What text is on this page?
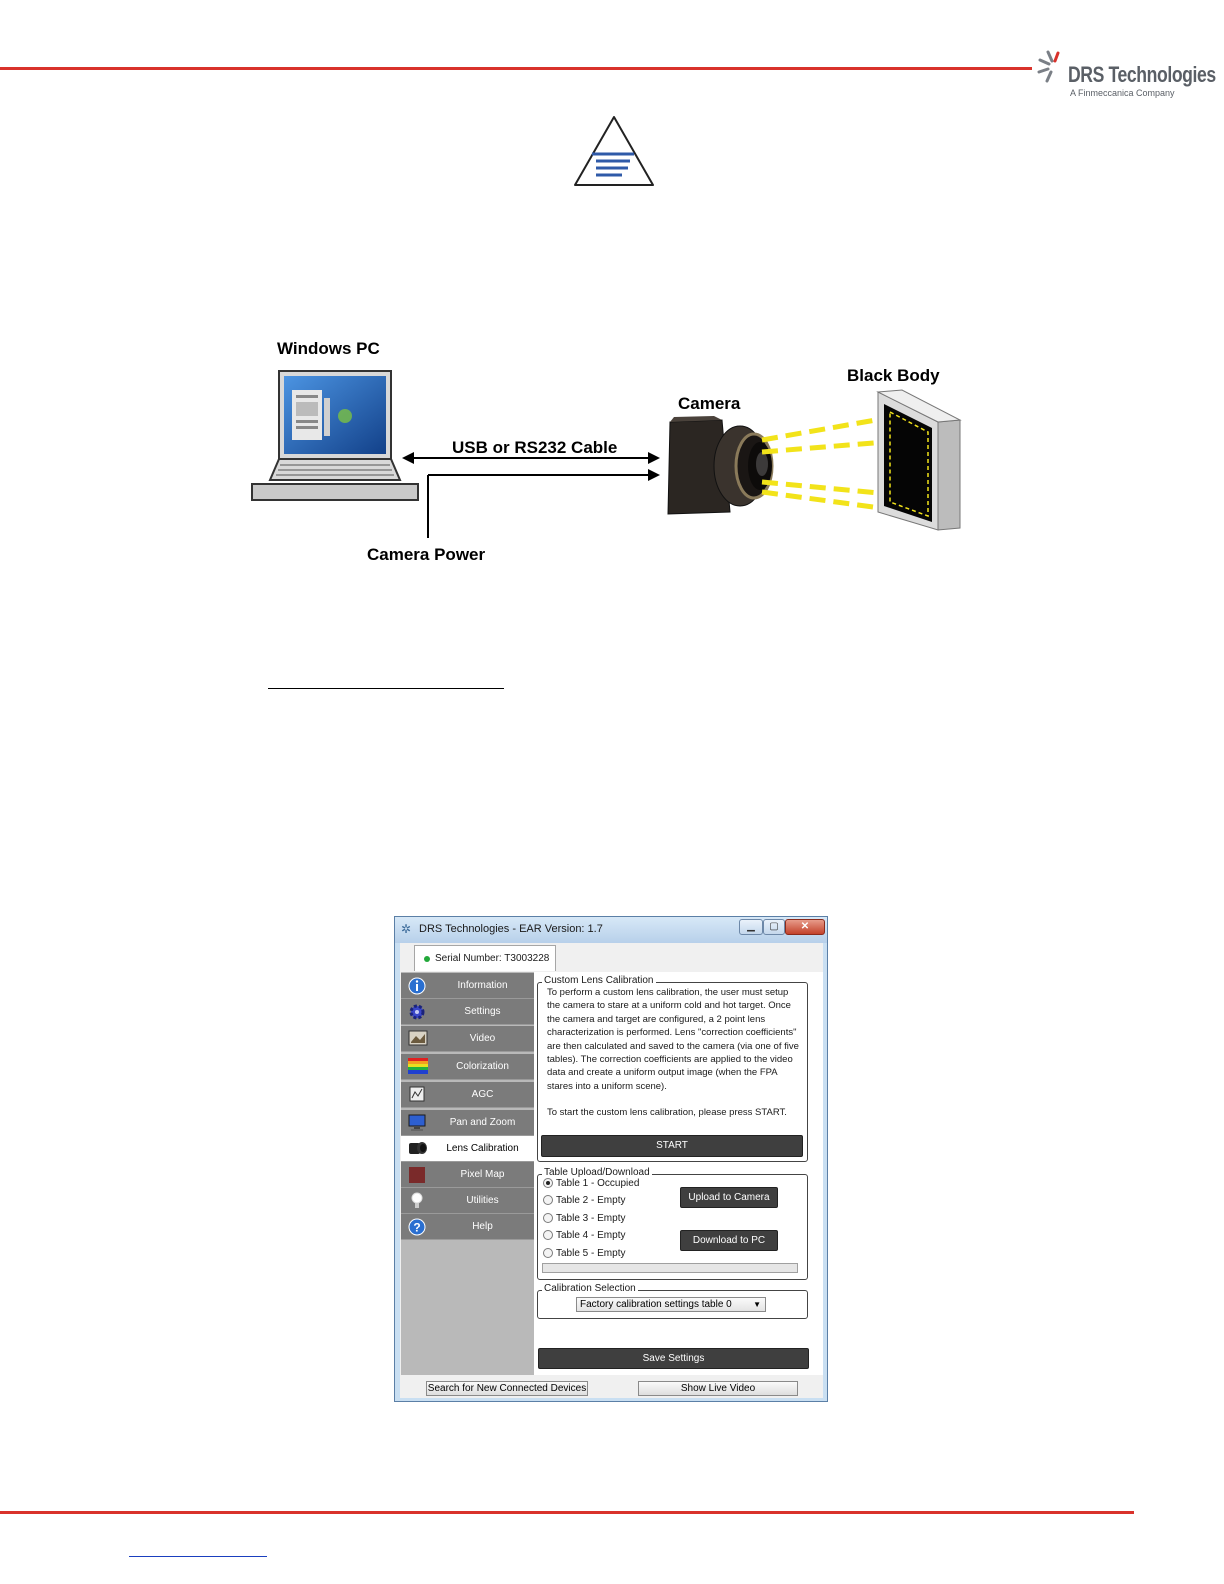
DRS Technologies
A Finmeccanica Company
Windows PC
USB or RS232 Cable
Camera Power
Camera
Black Body
✲ DRS Technologies - EAR Version: 1.7	▁	▢	✕
Serial Number: T3003228
Information
Settings
Video
Colorization
AGC
Pan and Zoom
Lens Calibration
Pixel Map
Utilities
?	Help
Custom Lens Calibration

To perform a custom lens calibration, the user must setup the camera to stare at a uniform cold and hot target. Once the camera and target are configured, a 2 point lens characterization is performed. Lens "correction coefficients" are then calculated and saved to the camera (via one of five tables). The correction coefficients are applied to the video data and create a uniform output image (when the FPA stares into a uniform scene).

To start the custom lens calibration, please press START.

START
Table Upload/Download
Table 1 - Occupied
Table 2 - Empty
Table 3 - Empty
Table 4 - Empty
Table 5 - Empty
Upload to Camera
Download to PC
Calibration Selection
Factory calibration settings table 0	▼
Save Settings
Search for New Connected Devices	Show Live Video
